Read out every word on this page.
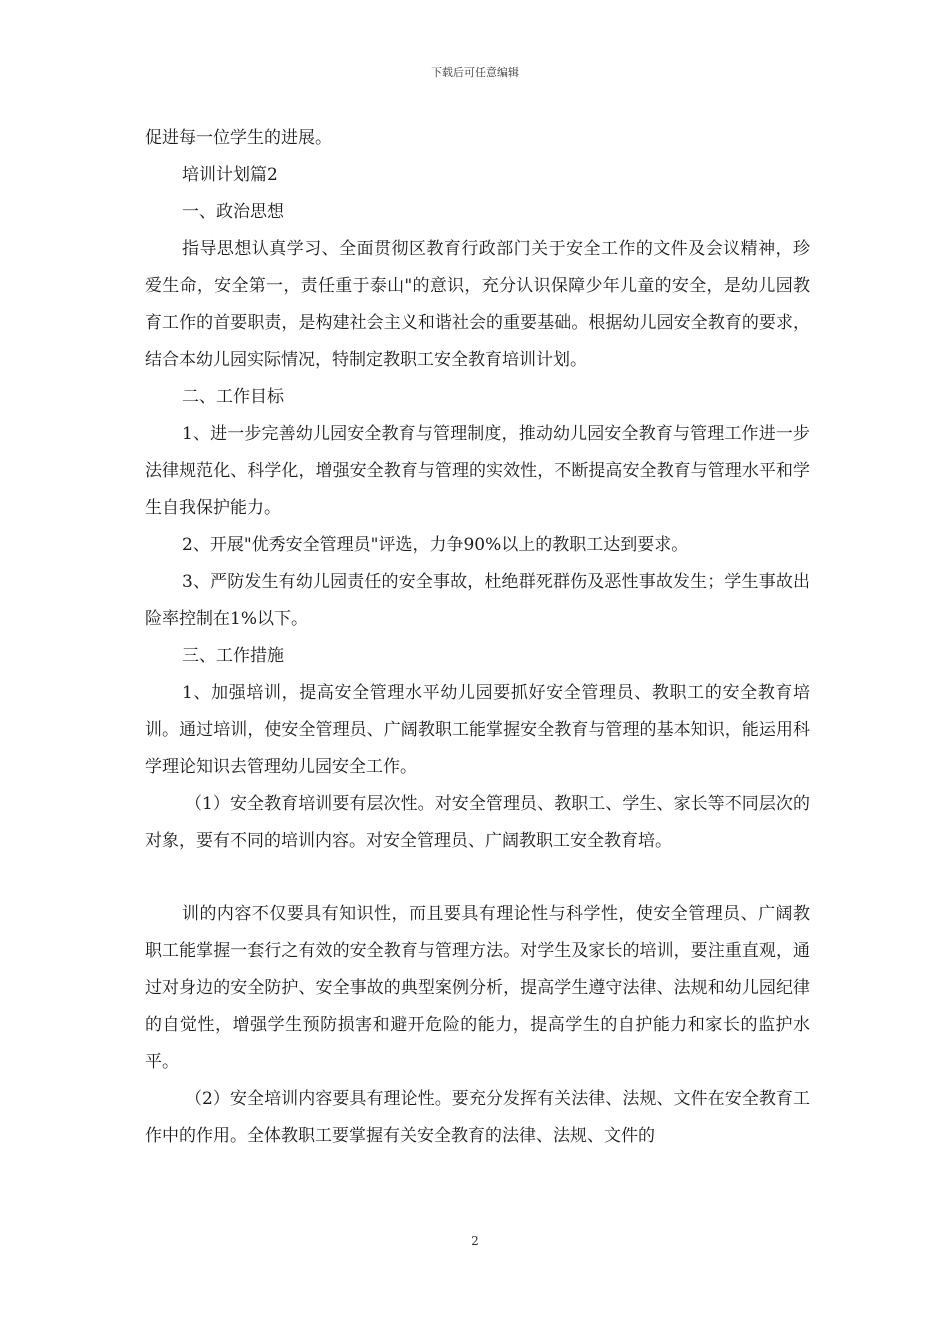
下载后可任意编辑

促进每一位学生的进展。

培训计划篇2

一、政治思想

指导思想认真学习、全面贯彻区教育行政部门关于安全工作的文件及会议精神，珍爱生命，安全第一，责任重于泰山"的意识，充分认识保障少年儿童的安全，是幼儿园教育工作的首要职责，是构建社会主义和谐社会的重要基础。根据幼儿园安全教育的要求，结合本幼儿园实际情况，特制定教职工安全教育培训计划。

二、工作目标

1、进一步完善幼儿园安全教育与管理制度，推动幼儿园安全教育与管理工作进一步法律规范化、科学化，增强安全教育与管理的实效性，不断提高安全教育与管理水平和学生自我保护能力。

2、开展"优秀安全管理员"评选，力争90%以上的教职工达到要求。

3、严防发生有幼儿园责任的安全事故，杜绝群死群伤及恶性事故发生；学生事故出险率控制在1%以下。

三、工作措施

1、加强培训，提高安全管理水平幼儿园要抓好安全管理员、教职工的安全教育培训。通过培训，使安全管理员、广阔教职工能掌握安全教育与管理的基本知识，能运用科学理论知识去管理幼儿园安全工作。

（1）安全教育培训要有层次性。对安全管理员、教职工、学生、家长等不同层次的对象，要有不同的培训内容。对安全管理员、广阔教职工安全教育培。

训的内容不仅要具有知识性，而且要具有理论性与科学性，使安全管理员、广阔教职工能掌握一套行之有效的安全教育与管理方法。对学生及家长的培训，要注重直观，通过对身边的安全防护、安全事故的典型案例分析，提高学生遵守法律、法规和幼儿园纪律的自觉性，增强学生预防损害和避开危险的能力，提高学生的自护能力和家长的监护水平。

（2）安全培训内容要具有理论性。要充分发挥有关法律、法规、文件在安全教育工作中的作用。全体教职工要掌握有关安全教育的法律、法规、文件的

2
